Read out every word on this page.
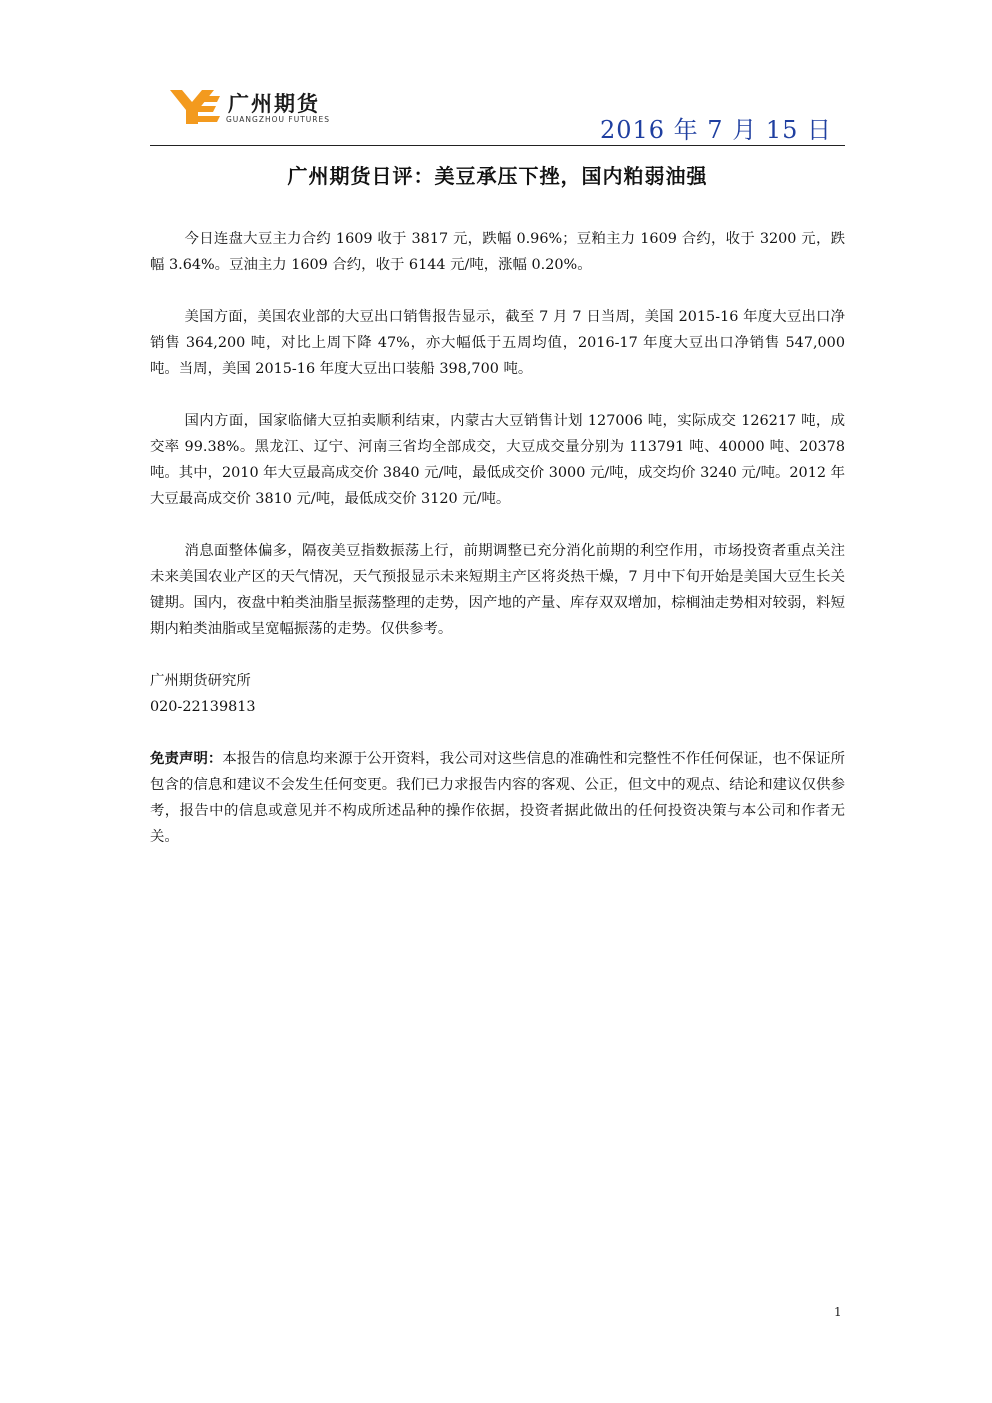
广州期货
GUANGZHOU FUTURES	2016 年 7 月 15 日
广州期货日评：美豆承压下挫，国内粕弱油强

今日连盘大豆主力合约 1609 收于 3817 元，跌幅 0.96%；豆粕主力 1609 合约，收于 3200 元，跌幅 3.64%。豆油主力 1609 合约，收于 6144 元/吨，涨幅 0.20%。

美国方面，美国农业部的大豆出口销售报告显示，截至 7 月 7 日当周，美国 2015-16 年度大豆出口净销售 364,200 吨，对比上周下降 47%，亦大幅低于五周均值，2016-17 年度大豆出口净销售 547,000 吨。当周，美国 2015-16 年度大豆出口装船 398,700 吨。

国内方面，国家临储大豆拍卖顺利结束，内蒙古大豆销售计划 127006 吨，实际成交 126217 吨，成交率 99.38%。黑龙江、辽宁、河南三省均全部成交，大豆成交量分别为 113791 吨、40000 吨、20378 吨。其中，2010 年大豆最高成交价 3840 元/吨，最低成交价 3000 元/吨，成交均价 3240 元/吨。2012 年大豆最高成交价 3810 元/吨，最低成交价 3120 元/吨。

消息面整体偏多，隔夜美豆指数振荡上行，前期调整已充分消化前期的利空作用，市场投资者重点关注未来美国农业产区的天气情况，天气预报显示未来短期主产区将炎热干燥，7 月中下旬开始是美国大豆生长关键期。国内，夜盘中粕类油脂呈振荡整理的走势，因产地的产量、库存双双增加，棕榈油走势相对较弱，料短期内粕类油脂或呈宽幅振荡的走势。仅供参考。

广州期货研究所

020-22139813

免责声明：本报告的信息均来源于公开资料，我公司对这些信息的准确性和完整性不作任何保证，也不保证所包含的信息和建议不会发生任何变更。我们已力求报告内容的客观、公正，但文中的观点、结论和建议仅供参考，报告中的信息或意见并不构成所述品种的操作依据，投资者据此做出的任何投资决策与本公司和作者无关。

1
